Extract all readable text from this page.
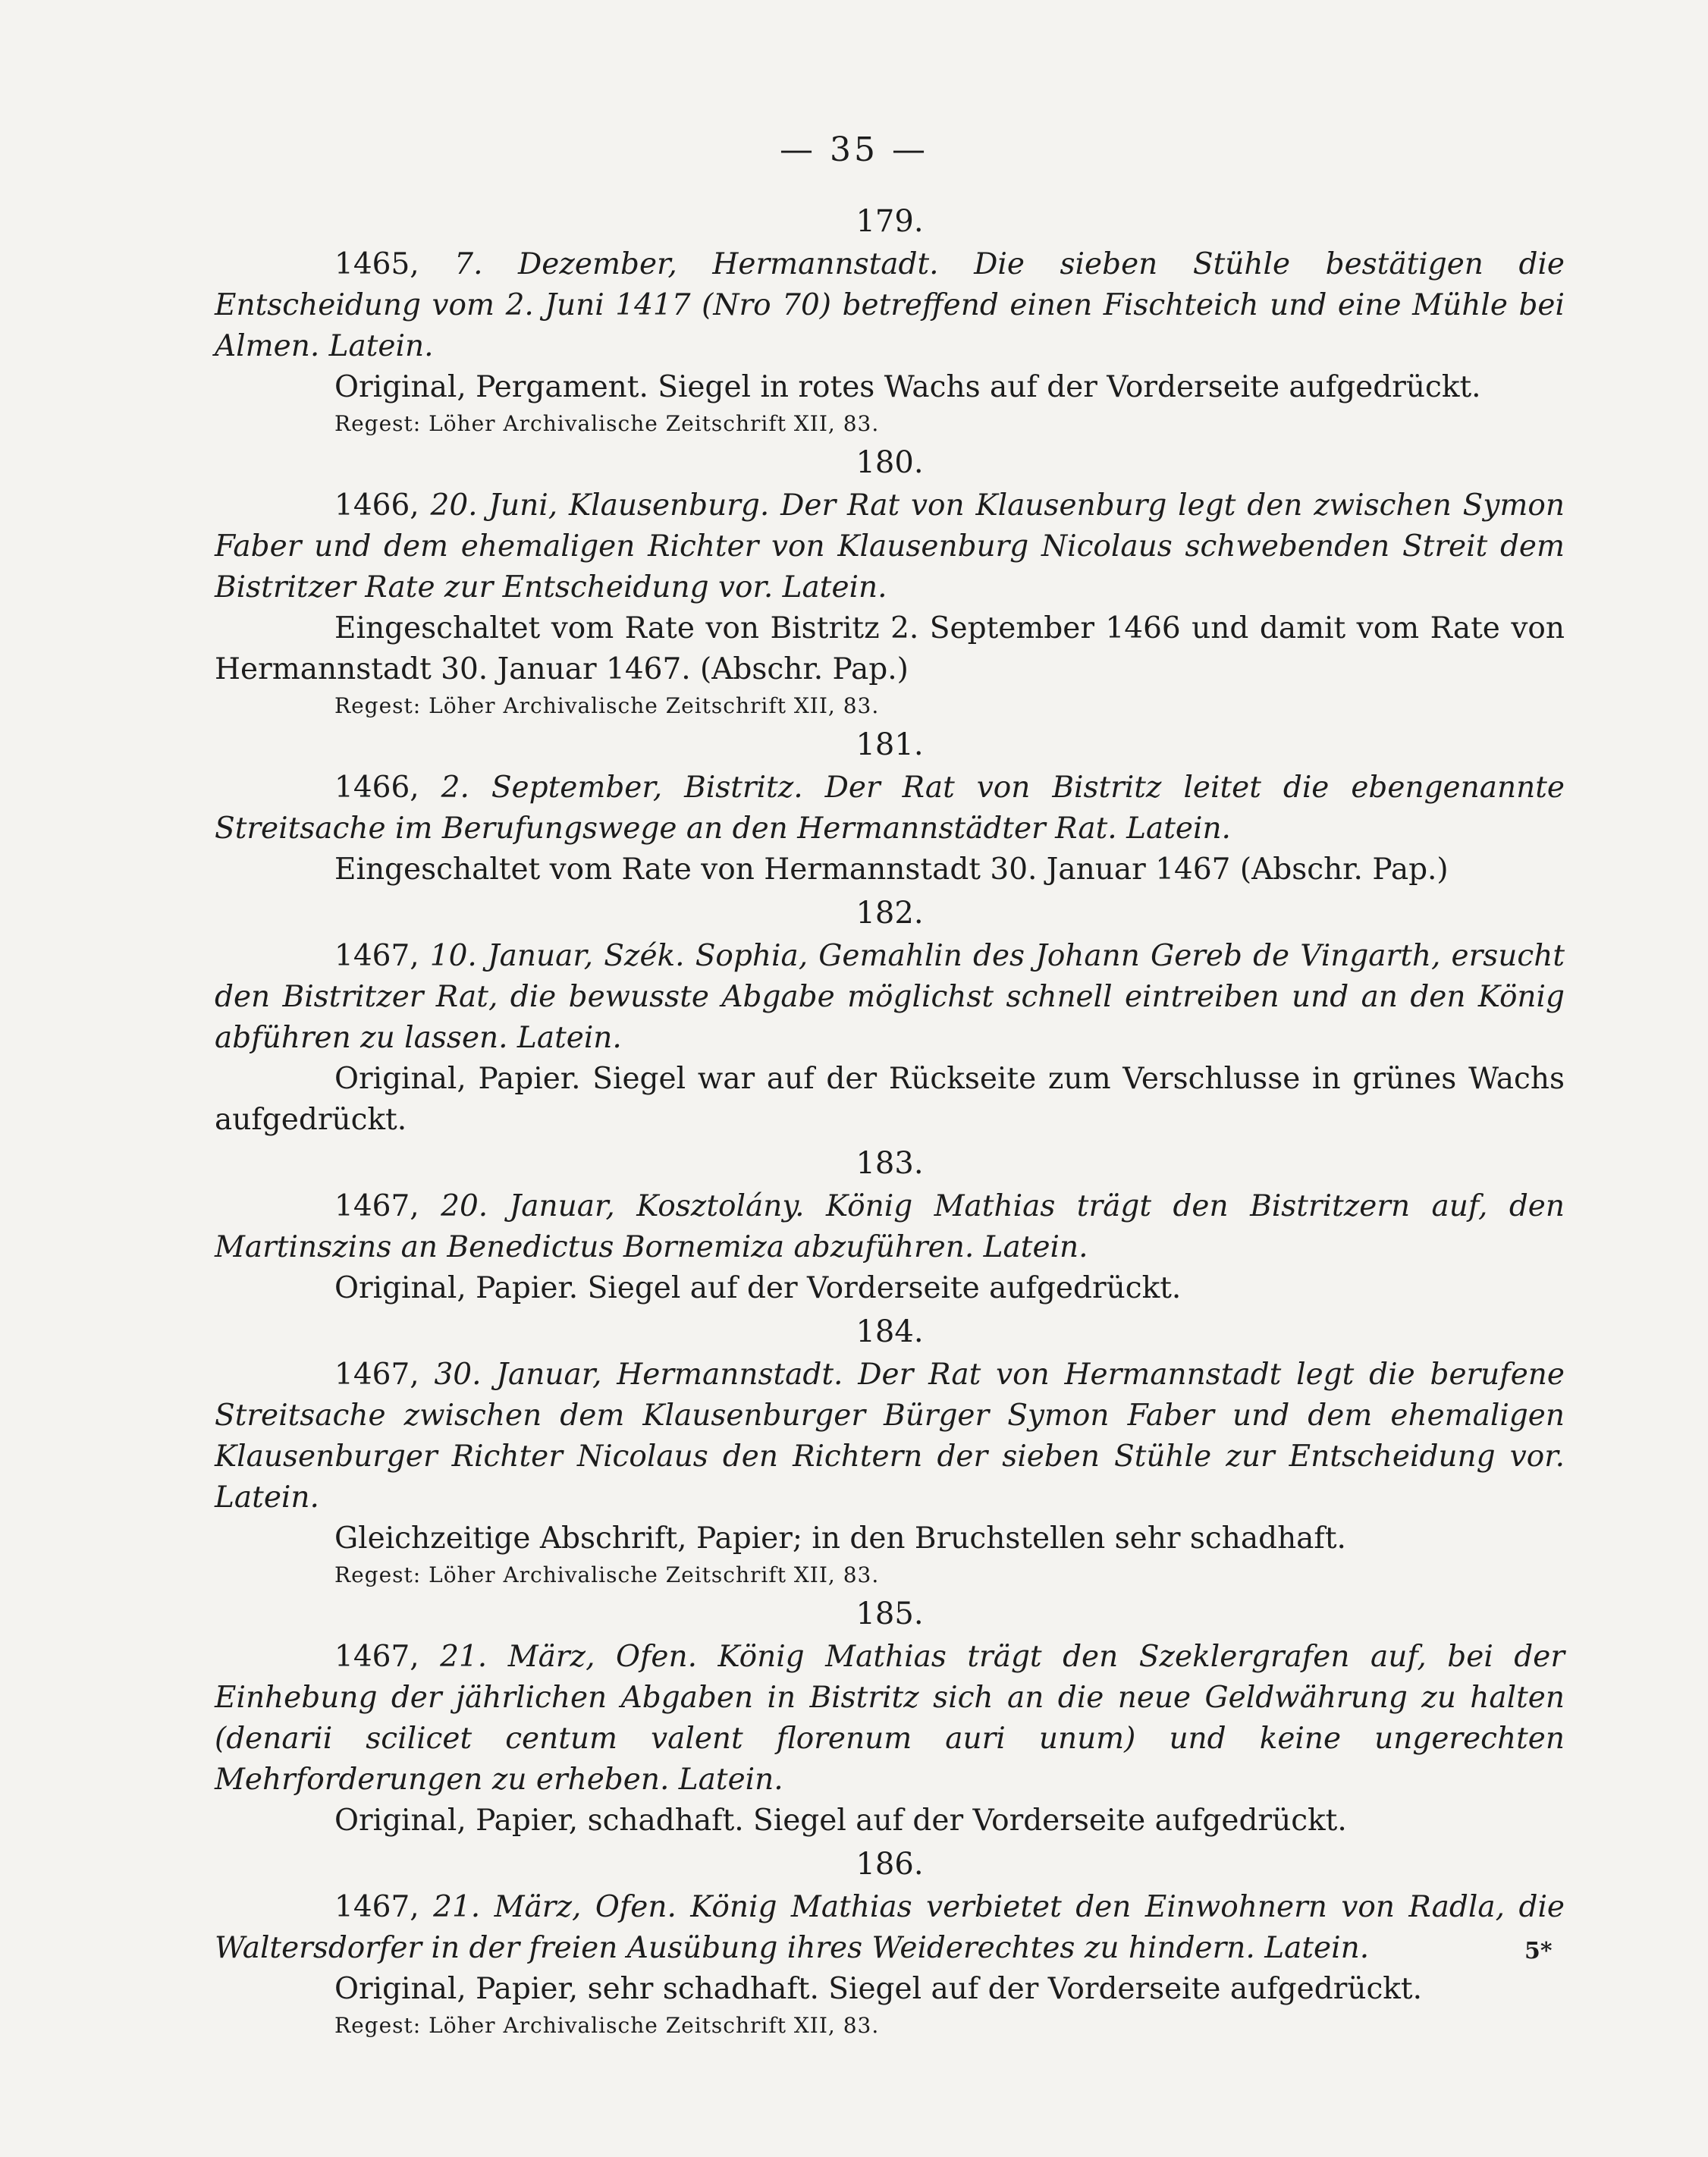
— 35 —
179.

1465, 7. Dezember, Hermannstadt. Die sieben Stühle bestätigen die Entscheidung vom 2. Juni 1417 (Nro 70) betreffend einen Fischteich und eine Mühle bei Almen. Latein.

Original, Pergament. Siegel in rotes Wachs auf der Vorderseite aufgedrückt.

Regest: Löher Archivalische Zeitschrift XII, 83.

180.

1466, 20. Juni, Klausenburg. Der Rat von Klausenburg legt den zwischen Symon Faber und dem ehemaligen Richter von Klausenburg Nicolaus schwebenden Streit dem Bistritzer Rate zur Entscheidung vor. Latein.

Eingeschaltet vom Rate von Bistritz 2. September 1466 und damit vom Rate von Hermannstadt 30. Januar 1467. (Abschr. Pap.)

Regest: Löher Archivalische Zeitschrift XII, 83.

181.

1466, 2. September, Bistritz. Der Rat von Bistritz leitet die ebengenannte Streitsache im Berufungswege an den Hermannstädter Rat. Latein.

Eingeschaltet vom Rate von Hermannstadt 30. Januar 1467 (Abschr. Pap.)

182.

1467, 10. Januar, Szék. Sophia, Gemahlin des Johann Gereb de Vingarth, ersucht den Bistritzer Rat, die bewusste Abgabe möglichst schnell eintreiben und an den König abführen zu lassen. Latein.

Original, Papier. Siegel war auf der Rückseite zum Verschlusse in grünes Wachs aufgedrückt.

183.

1467, 20. Januar, Kosztolány. König Mathias trägt den Bistritzern auf, den Martinszins an Benedictus Bornemiza abzuführen. Latein.

Original, Papier. Siegel auf der Vorderseite aufgedrückt.

184.

1467, 30. Januar, Hermannstadt. Der Rat von Hermannstadt legt die berufene Streitsache zwischen dem Klausenburger Bürger Symon Faber und dem ehemaligen Klausenburger Richter Nicolaus den Richtern der sieben Stühle zur Entscheidung vor. Latein.

Gleichzeitige Abschrift, Papier; in den Bruchstellen sehr schadhaft.

Regest: Löher Archivalische Zeitschrift XII, 83.

185.

1467, 21. März, Ofen. König Mathias trägt den Szeklergrafen auf, bei der Einhebung der jährlichen Abgaben in Bistritz sich an die neue Geldwährung zu halten (denarii scilicet centum valent florenum auri unum) und keine ungerechten Mehrforderungen zu erheben. Latein.

Original, Papier, schadhaft. Siegel auf der Vorderseite aufgedrückt.

186.

1467, 21. März, Ofen. König Mathias verbietet den Einwohnern von Radla, die Waltersdorfer in der freien Ausübung ihres Weiderechtes zu hindern. Latein.

Original, Papier, sehr schadhaft. Siegel auf der Vorderseite aufgedrückt.

Regest: Löher Archivalische Zeitschrift XII, 83.

5*
